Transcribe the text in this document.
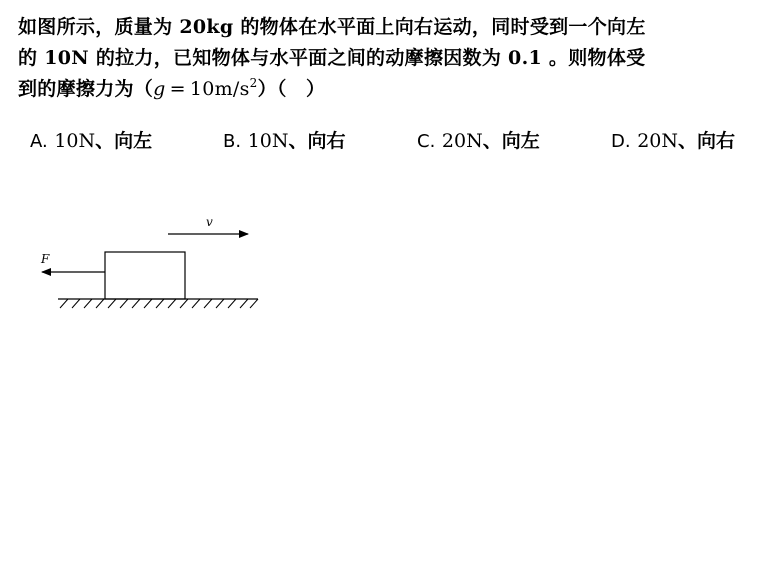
如图所示，质量为 20kg 的物体在水平面上向右运动，同时受到一个向左
的 10N 的拉力，已知物体与水平面之间的动摩擦因数为 0.1 。则物体受
到的摩擦力为$(g = 10m/s^2)$（　）
A. 10N、向左	B. 10N、向右	C. 20N、向左	D. 20N、向右
v
F
